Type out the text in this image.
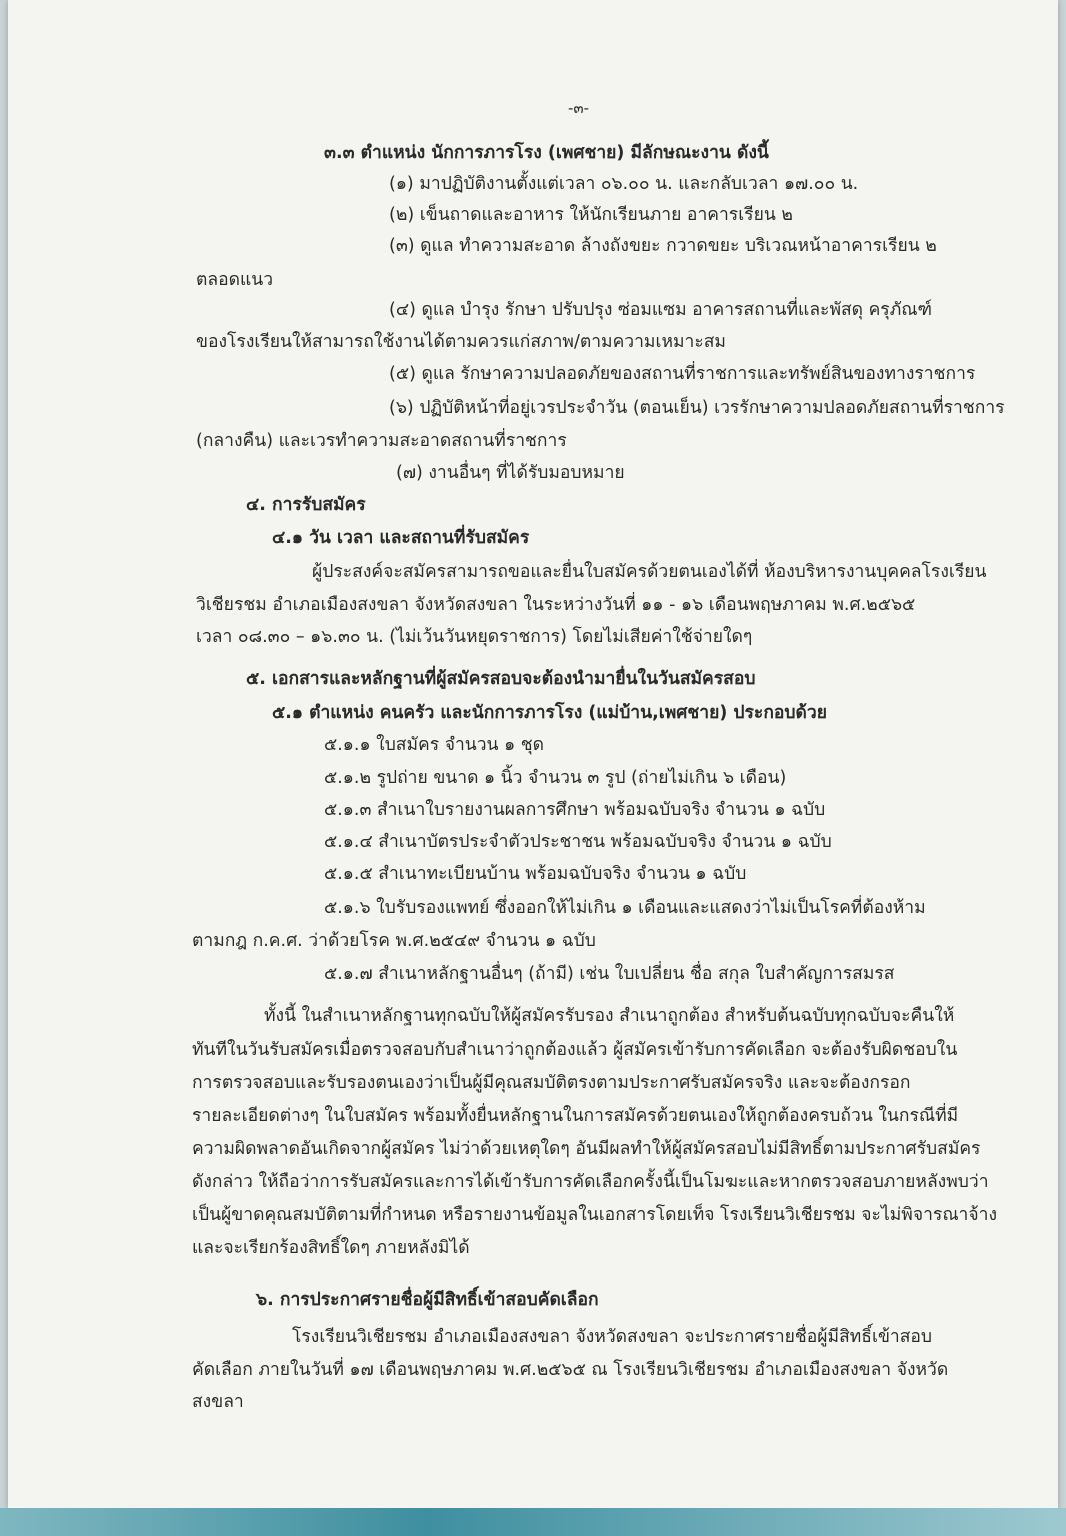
-๓-
๓.๓ ตำแหน่ง นักการภารโรง (เพศชาย) มีลักษณะงาน ดังนี้
(๑) มาปฏิบัติงานตั้งแต่เวลา ๐๖.๐๐ น. และกลับเวลา ๑๗.๐๐ น.
(๒) เข็นถาดและอาหาร ให้นักเรียนภาย อาคารเรียน ๒
(๓) ดูแล ทำความสะอาด ล้างถังขยะ กวาดขยะ บริเวณหน้าอาคารเรียน ๒
ตลอดแนว
(๔) ดูแล บำรุง รักษา ปรับปรุง ซ่อมแซม อาคารสถานที่และพัสดุ ครุภัณฑ์
ของโรงเรียนให้สามารถใช้งานได้ตามควรแก่สภาพ/ตามความเหมาะสม
(๕) ดูแล รักษาความปลอดภัยของสถานที่ราชการและทรัพย์สินของทางราชการ
(๖) ปฏิบัติหน้าที่อยู่เวรประจำวัน (ตอนเย็น) เวรรักษาความปลอดภัยสถานที่ราชการ
(กลางคืน) และเวรทำความสะอาดสถานที่ราชการ
(๗) งานอื่นๆ ที่ได้รับมอบหมาย
๔. การรับสมัคร
๔.๑ วัน เวลา และสถานที่รับสมัคร
ผู้ประสงค์จะสมัครสามารถขอและยื่นใบสมัครด้วยตนเองได้ที่ ห้องบริหารงานบุคคลโรงเรียน
วิเชียรชม อำเภอเมืองสงขลา จังหวัดสงขลา ในระหว่างวันที่ ๑๑ - ๑๖ เดือนพฤษภาคม พ.ศ.๒๕๖๕
เวลา ๐๘.๓๐ – ๑๖.๓๐ น. (ไม่เว้นวันหยุดราชการ) โดยไม่เสียค่าใช้จ่ายใดๆ
๕. เอกสารและหลักฐานที่ผู้สมัครสอบจะต้องนำมายื่นในวันสมัครสอบ
๕.๑ ตำแหน่ง คนครัว และนักการภารโรง (แม่บ้าน,เพศชาย) ประกอบด้วย
๕.๑.๑ ใบสมัคร จำนวน ๑ ชุด
๕.๑.๒ รูปถ่าย ขนาด ๑ นิ้ว จำนวน ๓ รูป (ถ่ายไม่เกิน ๖ เดือน)
๕.๑.๓ สำเนาใบรายงานผลการศึกษา พร้อมฉบับจริง จำนวน ๑ ฉบับ
๕.๑.๔ สำเนาบัตรประจำตัวประชาชน พร้อมฉบับจริง จำนวน ๑ ฉบับ
๕.๑.๕ สำเนาทะเบียนบ้าน พร้อมฉบับจริง จำนวน ๑ ฉบับ
๕.๑.๖ ใบรับรองแพทย์ ซึ่งออกให้ไม่เกิน ๑ เดือนและแสดงว่าไม่เป็นโรคที่ต้องห้าม
ตามกฎ ก.ค.ศ. ว่าด้วยโรค พ.ศ.๒๕๔๙ จำนวน ๑ ฉบับ
๕.๑.๗ สำเนาหลักฐานอื่นๆ (ถ้ามี) เช่น ใบเปลี่ยน ชื่อ สกุล ใบสำคัญการสมรส
ทั้งนี้ ในสำเนาหลักฐานทุกฉบับให้ผู้สมัครรับรอง สำเนาถูกต้อง สำหรับต้นฉบับทุกฉบับจะคืนให้
ทันทีในวันรับสมัครเมื่อตรวจสอบกับสำเนาว่าถูกต้องแล้ว ผู้สมัครเข้ารับการคัดเลือก จะต้องรับผิดชอบใน
การตรวจสอบและรับรองตนเองว่าเป็นผู้มีคุณสมบัติตรงตามประกาศรับสมัครจริง และจะต้องกรอก
รายละเอียดต่างๆ ในใบสมัคร พร้อมทั้งยื่นหลักฐานในการสมัครด้วยตนเองให้ถูกต้องครบถ้วน ในกรณีที่มี
ความผิดพลาดอันเกิดจากผู้สมัคร ไม่ว่าด้วยเหตุใดๆ อันมีผลทำให้ผู้สมัครสอบไม่มีสิทธิ์ตามประกาศรับสมัคร
ดังกล่าว ให้ถือว่าการรับสมัครและการได้เข้ารับการคัดเลือกครั้งนี้เป็นโมฆะและหากตรวจสอบภายหลังพบว่า
เป็นผู้ขาดคุณสมบัติตามที่กำหนด หรือรายงานข้อมูลในเอกสารโดยเท็จ โรงเรียนวิเชียรชม จะไม่พิจารณาจ้าง
และจะเรียกร้องสิทธิ์ใดๆ ภายหลังมิได้
๖. การประกาศรายชื่อผู้มีสิทธิ์เข้าสอบคัดเลือก
โรงเรียนวิเชียรชม อำเภอเมืองสงขลา จังหวัดสงขลา จะประกาศรายชื่อผู้มีสิทธิ์เข้าสอบ
คัดเลือก ภายในวันที่ ๑๗ เดือนพฤษภาคม พ.ศ.๒๕๖๕ ณ โรงเรียนวิเชียรชม อำเภอเมืองสงขลา จังหวัด
สงขลา
